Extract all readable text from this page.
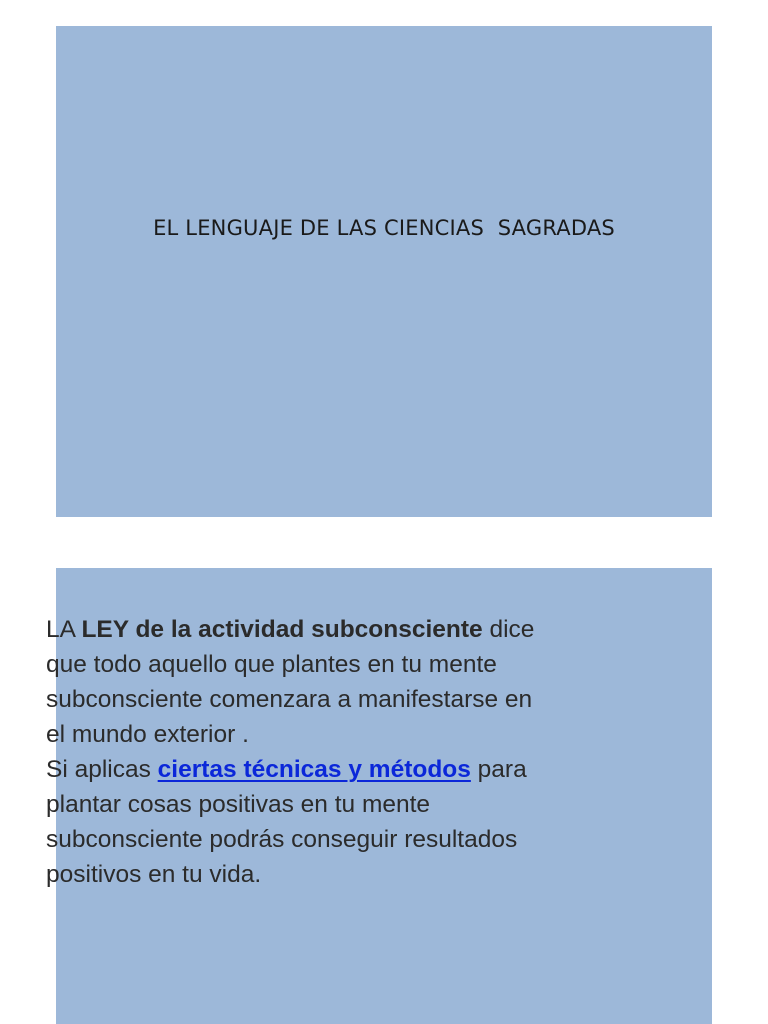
EL LENGUAJE DE LAS CIENCIAS  SAGRADAS
LA LEY de la actividad subconsciente dice
que todo aquello que plantes en tu mente
subconsciente comenzara a manifestarse en
el mundo exterior .
Si aplicas ciertas técnicas y métodos para
plantar cosas positivas en tu mente
subconsciente podrás conseguir resultados
positivos en tu vida.
